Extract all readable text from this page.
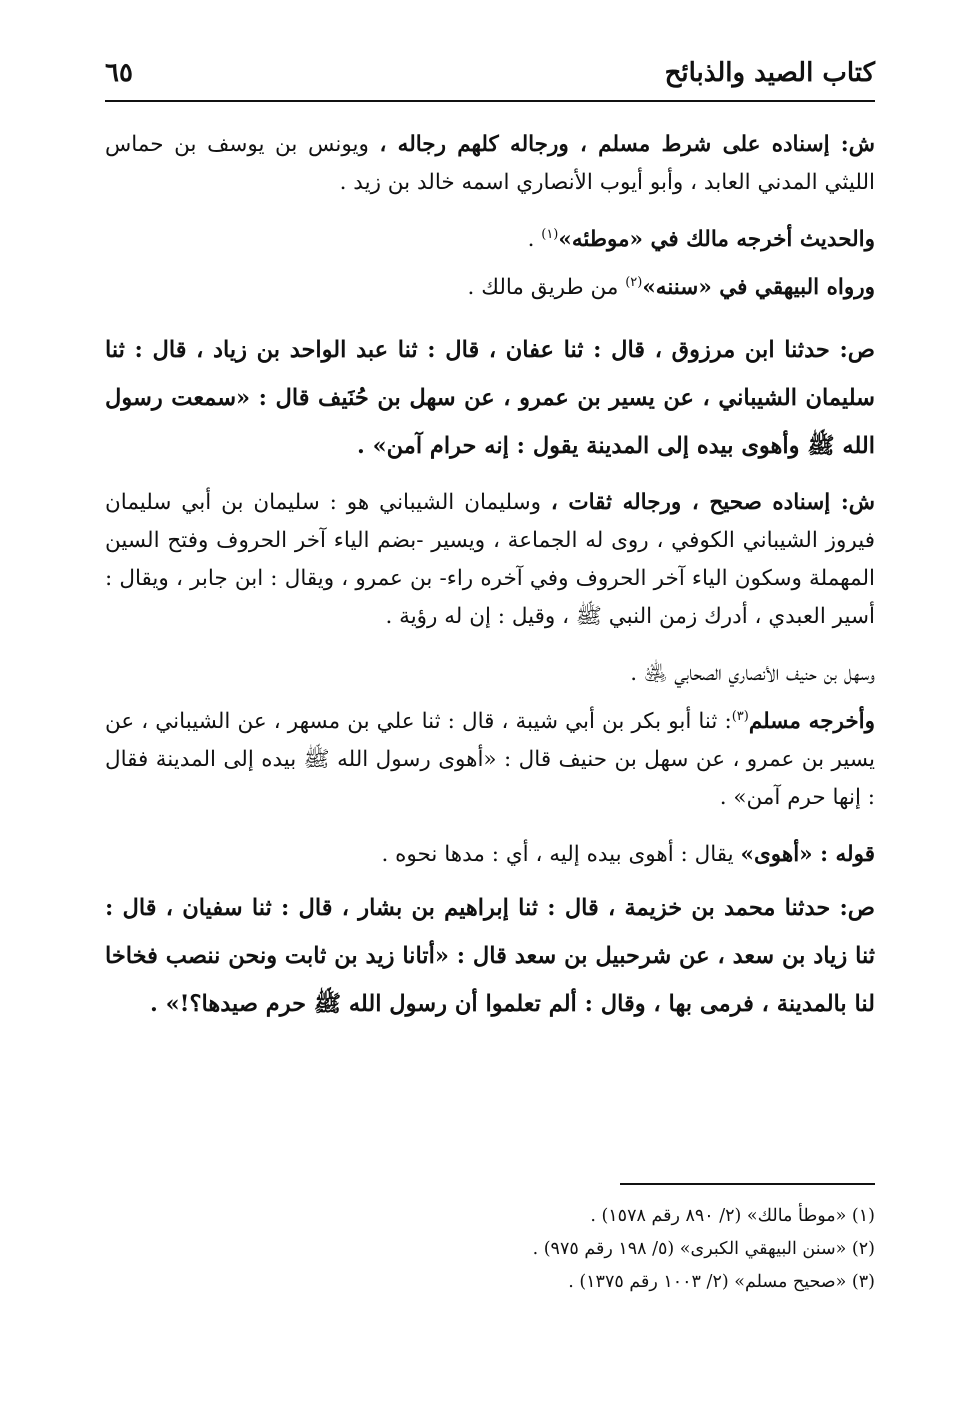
كتاب الصيد والذبائح
٦٥

ش: إسناده على شرط مسلم ، ورجاله كلهم رجاله ، ويونس بن يوسف بن حماس الليثي المدني العابد ، وأبو أيوب الأنصاري اسمه خالد بن زيد .

والحديث أخرجه مالك في «موطئه»$^{(١)}$ .

ورواه البيهقي في «سننه»$^{(٢)}$ من طريق مالك .

ص: حدثنا ابن مرزوق ، قال : ثنا عفان ، قال : ثنا عبد الواحد بن زياد ، قال : ثنا سليمان الشيباني ، عن يسير بن عمرو ، عن سهل بن حُنَيف قال : «سمعت رسول الله ﷺ وأهوى بيده إلى المدينة يقول : إنه حرام آمن» .

ش: إسناده صحيح ، ورجاله ثقات ، وسليمان الشيباني هو : سليمان بن أبي سليمان فيروز الشيباني الكوفي ، روى له الجماعة ، ويسير -بضم الياء آخر الحروف وفتح السين المهملة وسكون الياء آخر الحروف وفي آخره راء- بن عمرو ، ويقال : ابن جابر ، ويقال : أسير العبدي ، أدرك زمن النبي ﷺ ، وقيل : إن له رؤية .

وسهل بن حنيف الأنصاري الصحابي ﵁ .

وأخرجه مسلم$^{(٣)}$: ثنا أبو بكر بن أبي شيبة ، قال : ثنا علي بن مسهر ، عن الشيباني ، عن يسير بن عمرو ، عن سهل بن حنيف قال : «أهوى رسول الله ﷺ بيده إلى المدينة فقال : إنها حرم آمن» .

قوله : «أهوى» يقال : أهوى بيده إليه ، أي : مدها نحوه .

ص: حدثنا محمد بن خزيمة ، قال : ثنا إبراهيم بن بشار ، قال : ثنا سفيان ، قال : ثنا زياد بن سعد ، عن شرحبيل بن سعد قال : «أتانا زيد بن ثابت ونحن ننصب فخاخا لنا بالمدينة ، فرمى بها ، وقال : ألم تعلموا أن رسول الله ﷺ حرم صيدها؟!» .

(١) «موطأ مالك» (٢/ ٨٩٠ رقم ١٥٧٨) .

(٢) «سنن البيهقي الكبرى» (٥/ ١٩٨ رقم ٩٧٥) .

(٣) «صحيح مسلم» (٢/ ١٠٠٣ رقم ١٣٧٥) .
